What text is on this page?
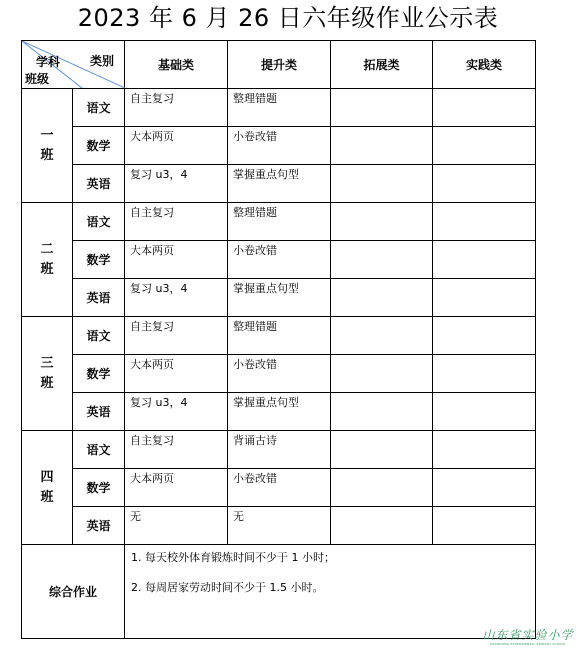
2023 年 6 月 26 日六年级作业公示表
类别
学科
班级		基础类	提升类	拓展类	实践类

一
班	语文	自主复习	整理错题		
	数学	大本两页	小卷改错		
	英语	复习 u3，4	掌握重点句型		

二
班	语文	自主复习	整理错题		
	数学	大本两页	小卷改错		
	英语	复习 u3，4	掌握重点句型		

三
班	语文	自主复习	整理错题		
	数学	大本两页	小卷改错		
	英语	复习 u3，4	掌握重点句型		

四
班	语文	自主复习	背诵古诗		
	数学	大本两页	小卷改错		
	英语	无	无		
综合作业		1. 每天校外体育锻炼时间不少于 1 小时；

2. 每周居家劳动时间不少于 1.5 小时。			

山东省实验小学
SHANDONG EXPERIMENTAL PRIMARY SCHOOL
